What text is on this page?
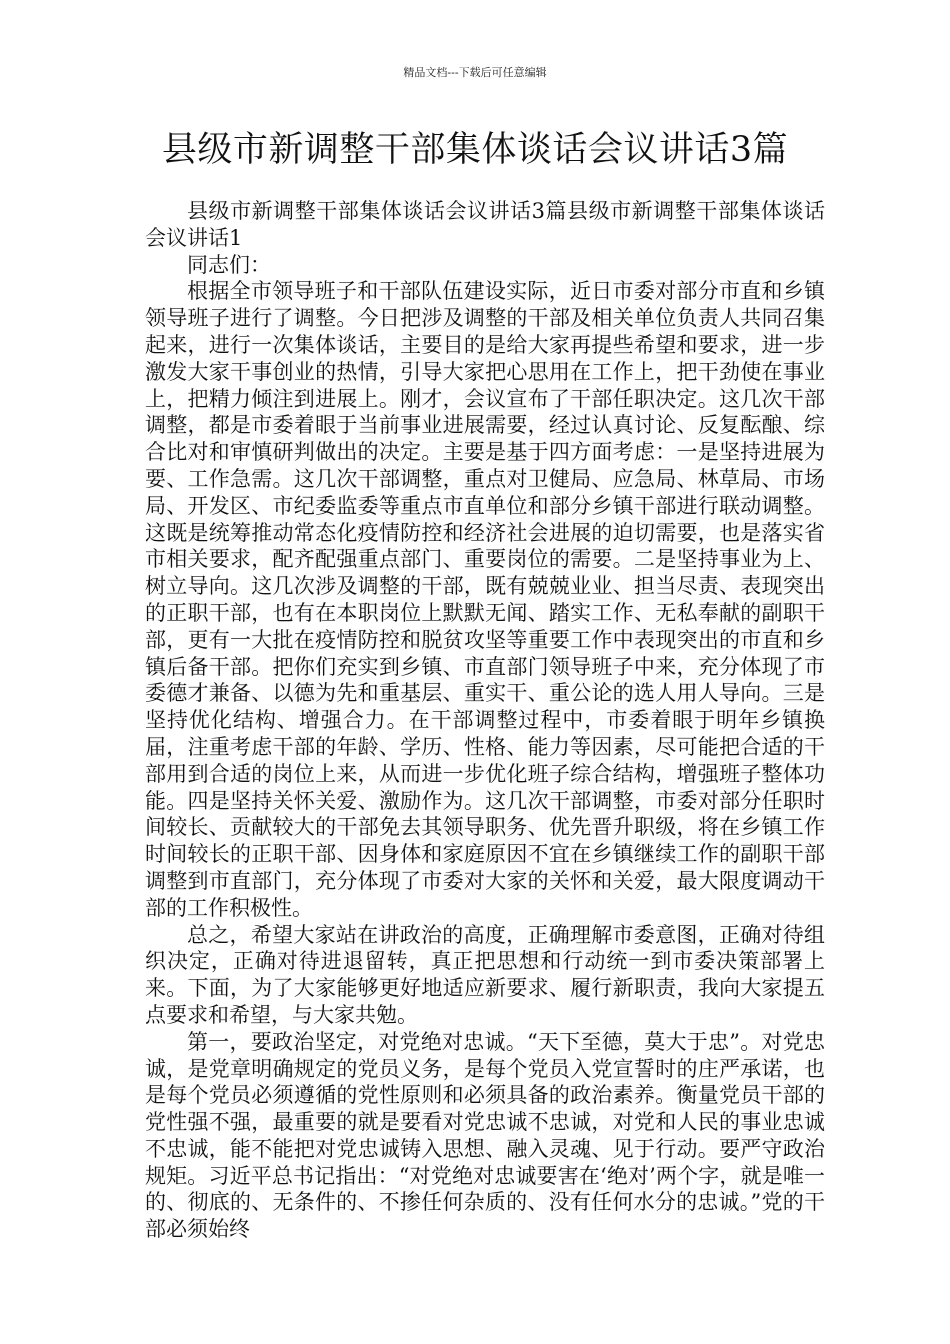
精品文档---下载后可任意编辑
县级市新调整干部集体谈话会议讲话3篇

县级市新调整干部集体谈话会议讲话3篇县级市新调整干部集体谈话会议讲话1

同志们：

根据全市领导班子和干部队伍建设实际，近日市委对部分市直和乡镇领导班子进行了调整。今日把涉及调整的干部及相关单位负责人共同召集起来，进行一次集体谈话，主要目的是给大家再提些希望和要求，进一步激发大家干事创业的热情，引导大家把心思用在工作上，把干劲使在事业上，把精力倾注到进展上。刚才，会议宣布了干部任职决定。这几次干部调整，都是市委着眼于当前事业进展需要，经过认真讨论、反复酝酿、综合比对和审慎研判做出的决定。主要是基于四方面考虑：一是坚持进展为要、工作急需。这几次干部调整，重点对卫健局、应急局、林草局、市场局、开发区、市纪委监委等重点市直单位和部分乡镇干部进行联动调整。这既是统筹推动常态化疫情防控和经济社会进展的迫切需要，也是落实省市相关要求，配齐配强重点部门、重要岗位的需要。二是坚持事业为上、树立导向。这几次涉及调整的干部，既有兢兢业业、担当尽责、表现突出的正职干部，也有在本职岗位上默默无闻、踏实工作、无私奉献的副职干部，更有一大批在疫情防控和脱贫攻坚等重要工作中表现突出的市直和乡镇后备干部。把你们充实到乡镇、市直部门领导班子中来，充分体现了市委德才兼备、以德为先和重基层、重实干、重公论的选人用人导向。三是坚持优化结构、增强合力。在干部调整过程中，市委着眼于明年乡镇换届，注重考虑干部的年龄、学历、性格、能力等因素，尽可能把合适的干部用到合适的岗位上来，从而进一步优化班子综合结构，增强班子整体功能。四是坚持关怀关爱、激励作为。这几次干部调整，市委对部分任职时间较长、贡献较大的干部免去其领导职务、优先晋升职级，将在乡镇工作时间较长的正职干部、因身体和家庭原因不宜在乡镇继续工作的副职干部调整到市直部门，充分体现了市委对大家的关怀和关爱，最大限度调动干部的工作积极性。

总之，希望大家站在讲政治的高度，正确理解市委意图，正确对待组织决定，正确对待进退留转，真正把思想和行动统一到市委决策部署上来。下面，为了大家能够更好地适应新要求、履行新职责，我向大家提五点要求和希望，与大家共勉。

第一，要政治坚定，对党绝对忠诚。“天下至德，莫大于忠”。对党忠诚，是党章明确规定的党员义务，是每个党员入党宣誓时的庄严承诺，也是每个党员必须遵循的党性原则和必须具备的政治素养。衡量党员干部的党性强不强，最重要的就是要看对党忠诚不忠诚，对党和人民的事业忠诚不忠诚，能不能把对党忠诚铸入思想、融入灵魂、见于行动。要严守政治规矩。习近平总书记指出：“对党绝对忠诚要害在‘绝对’两个字，就是唯一的、彻底的、无条件的、不掺任何杂质的、没有任何水分的忠诚。”党的干部必须始终
